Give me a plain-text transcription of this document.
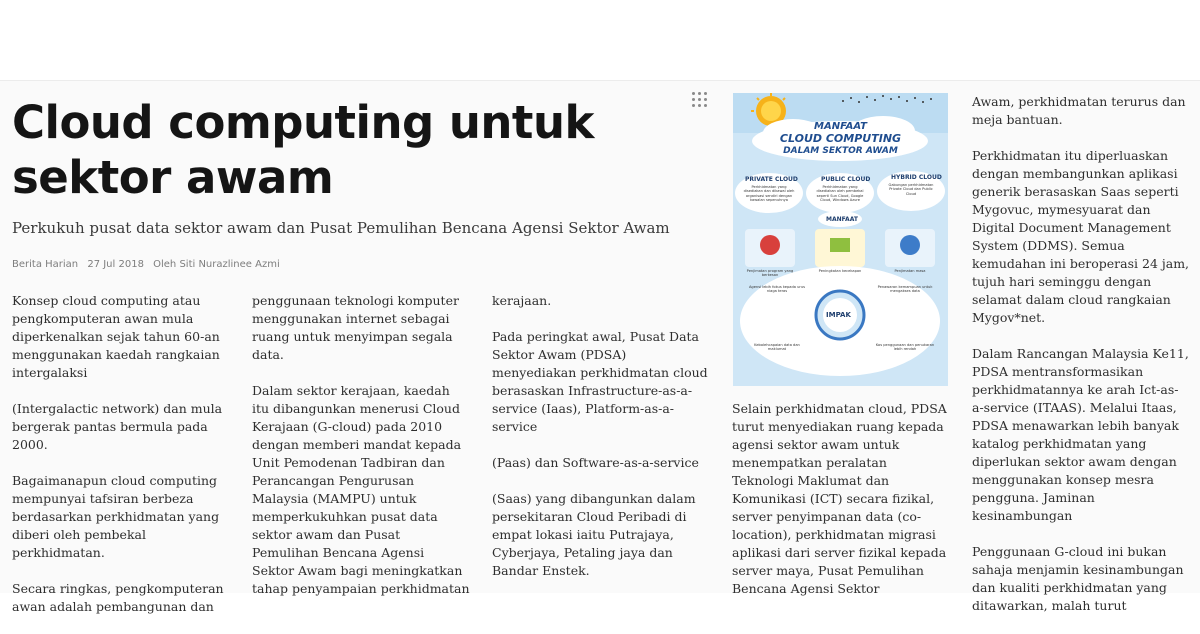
Cloud computing untuk sektor awam

Perkukuh pusat data sektor awam dan Pusat Pemulihan Bencana Agensi Sektor Awam

Berita Harian 27 Jul 2018 Oleh Siti Nurazlinee Azmi

Konsep cloud computing atau pengkomputeran awan mula diperkenalkan sejak tahun 60-an menggunakan kaedah rangkaian intergalaksi

(Intergalactic network) dan mula bergerak pantas bermula pada 2000.

Bagaimanapun cloud computing mempunyai tafsiran berbeza berdasarkan perkhidmatan yang diberi oleh pembekal perkhidmatan.

Secara ringkas, pengkomputeran awan adalah pembangunan dan

penggunaan teknologi komputer menggunakan internet sebagai ruang untuk menyimpan segala data.

Dalam sektor kerajaan, kaedah itu dibangunkan menerusi Cloud Kerajaan (G-cloud) pada 2010 dengan memberi mandat kepada Unit Pemodenan Tadbiran dan Perancangan Pengurusan Malaysia (MAMPU) untuk memperkukuhkan pusat data sektor awam dan Pusat Pemulihan Bencana Agensi Sektor Awam bagi meningkatkan tahap penyampaian perkhidmatan

kerajaan.

Pada peringkat awal, Pusat Data Sektor Awam (PDSA) menyediakan perkhidmatan cloud berasaskan Infrastructure-as-a-service (Iaas), Platform-as-a-service

(Paas) dan Software-as-a-service

(Saas) yang dibangunkan dalam persekitaran Cloud Peribadi di empat lokasi iaitu Putrajaya, Cyberjaya, Petaling jaya dan Bandar Enstek.

MANFAAT
CLOUD COMPUTING
DALAM SEKTOR AWAM
PRIVATE CLOUD	PUBLIC CLOUD	HYBRID CLOUD
Perkhidmatan yang disediakan dan dikawal oleh organisasi sendiri dengan kawalan sepenuhnya
Perkhidmatan yang disediakan oleh pembekal seperti Sun Cloud, Google Cloud, Windows Azure
Gabungan perkhidmatan Private Cloud dan Public Cloud
MANFAAT
Penjimatan program yang berkesan
Peningkatan kecekapan	Penjimatan masa
Agensi lebih fokus kepada urus niaga teras
Penawaran kemampuan untuk mengakses data
Kebolehcapaian data dan maklumat
Kos penggunaan dan penukaran lebih rendah
IMPAK

Selain perkhidmatan cloud, PDSA turut menyediakan ruang kepada agensi sektor awam untuk menempatkan peralatan Teknologi Maklumat dan Komunikasi (ICT) secara fizikal, server penyimpanan data (co-location), perkhidmatan migrasi aplikasi dari server fizikal kepada server maya, Pusat Pemulihan Bencana Agensi Sektor

Awam, perkhidmatan terurus dan meja bantuan.

Perkhidmatan itu diperluaskan dengan membangunkan aplikasi generik berasaskan Saas seperti Mygovuc, mymesyuarat dan Digital Document Management System (DDMS). Semua kemudahan ini beroperasi 24 jam, tujuh hari seminggu dengan selamat dalam cloud rangkaian Mygov*net.

Dalam Rancangan Malaysia Ke11, PDSA mentransformasikan perkhidmatannya ke arah Ict-as-a-service (ITAAS). Melalui Itaas, PDSA menawarkan lebih banyak katalog perkhidmatan yang diperlukan sektor awam dengan menggunakan konsep mesra pengguna. Jaminan kesinambungan

Penggunaan G-cloud ini bukan sahaja menjamin kesinambungan dan kualiti perkhidmatan yang ditawarkan, malah turut
